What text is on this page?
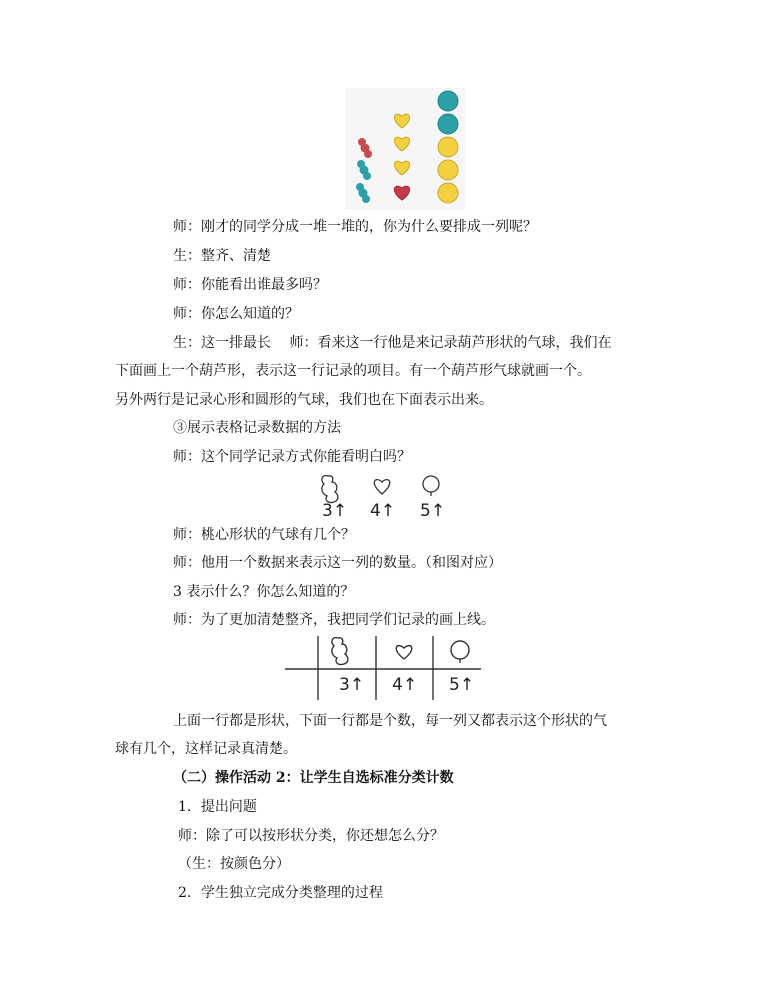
师：刚才的同学分成一堆一堆的，你为什么要排成一列呢？
生：整齐、清楚
师：你能看出谁最多吗？
师：你怎么知道的？
生：这一排最长　 师：看来这一行他是来记录葫芦形状的气球，我们在
下面画上一个葫芦形，表示这一行记录的项目。有一个葫芦形气球就画一个。
另外两行是记录心形和圆形的气球，我们也在下面表示出来。
③展示表格记录数据的方法
师：这个同学记录方式你能看明白吗？
3↑ 4↑ 5↑
师：桃心形状的气球有几个？
师：他用一个数据来表示这一列的数量。（和图对应）
3 表示什么？你怎么知道的？
师：为了更加清楚整齐，我把同学们记录的画上线。
3↑ 4↑ 5↑
上面一行都是形状，下面一行都是个数，每一列又都表示这个形状的气
球有几个，这样记录真清楚。
（二）操作活动 2：让学生自选标准分类计数
1．提出问题
师：除了可以按形状分类，你还想怎么分？
（生：按颜色分）
2．学生独立完成分类整理的过程
